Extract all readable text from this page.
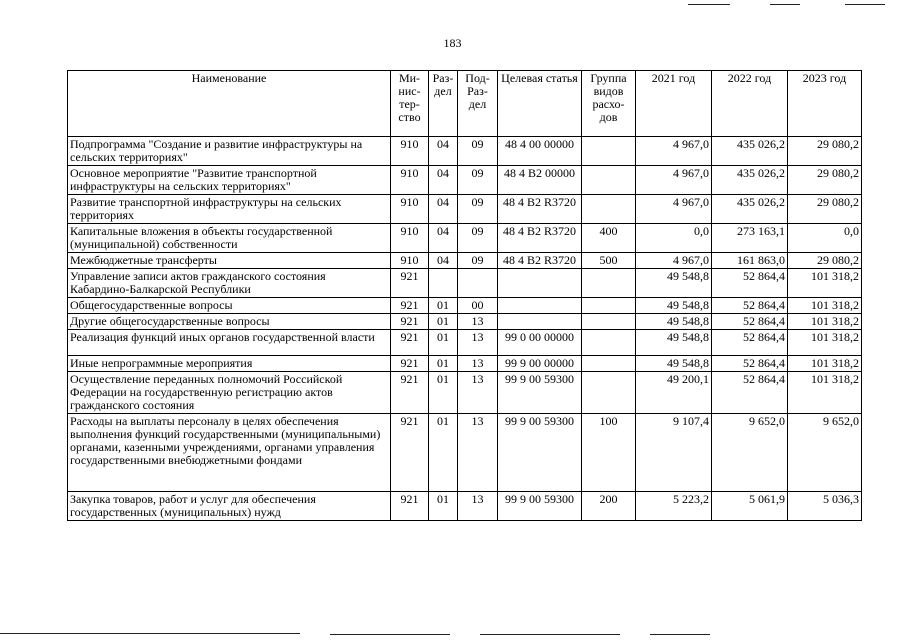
183
Наименование	Ми-нис-тер-ство	Раз-дел	Под-Раз-дел	Целевая статья	Группа видов расхо-дов	2021 год	2022 год	2023 год
Подпрограмма "Создание и развитие инфраструктуры на сельских территориях"	910	04	09	48 4 00 00000		4 967,0	435 026,2	29 080,2
Основное мероприятие "Развитие транспортной инфраструктуры на сельских территориях"	910	04	09	48 4 В2 00000		4 967,0	435 026,2	29 080,2
Развитие транспортной инфраструктуры на сельских территориях	910	04	09	48 4 В2 R3720		4 967,0	435 026,2	29 080,2
Капитальные вложения в объекты государственной (муниципальной) собственности	910	04	09	48 4 В2 R3720	400	0,0	273 163,1	0,0
Межбюджетные трансферты	910	04	09	48 4 В2 R3720	500	4 967,0	161 863,0	29 080,2
Управление записи актов гражданского состояния Кабардино-Балкарской Республики	921					49 548,8	52 864,4	101 318,2
Общегосударственные вопросы	921	01	00			49 548,8	52 864,4	101 318,2
Другие общегосударственные вопросы	921	01	13			49 548,8	52 864,4	101 318,2
Реализация функций иных органов государственной власти	921	01	13	99 0 00 00000		49 548,8	52 864,4	101 318,2
Иные непрограммные мероприятия	921	01	13	99 9 00 00000		49 548,8	52 864,4	101 318,2
Осуществление переданных полномочий Российской Федерации на государственную регистрацию актов гражданского состояния	921	01	13	99 9 00 59300		49 200,1	52 864,4	101 318,2
Расходы на выплаты персоналу в целях обеспечения выполнения функций государственными (муниципальными) органами, казенными учреждениями, органами управления государственными внебюджетными фондами	921	01	13	99 9 00 59300	100	9 107,4	9 652,0	9 652,0
Закупка товаров, работ и услуг для обеспечения государственных (муниципальных) нужд	921	01	13	99 9 00 59300	200	5 223,2	5 061,9	5 036,3
